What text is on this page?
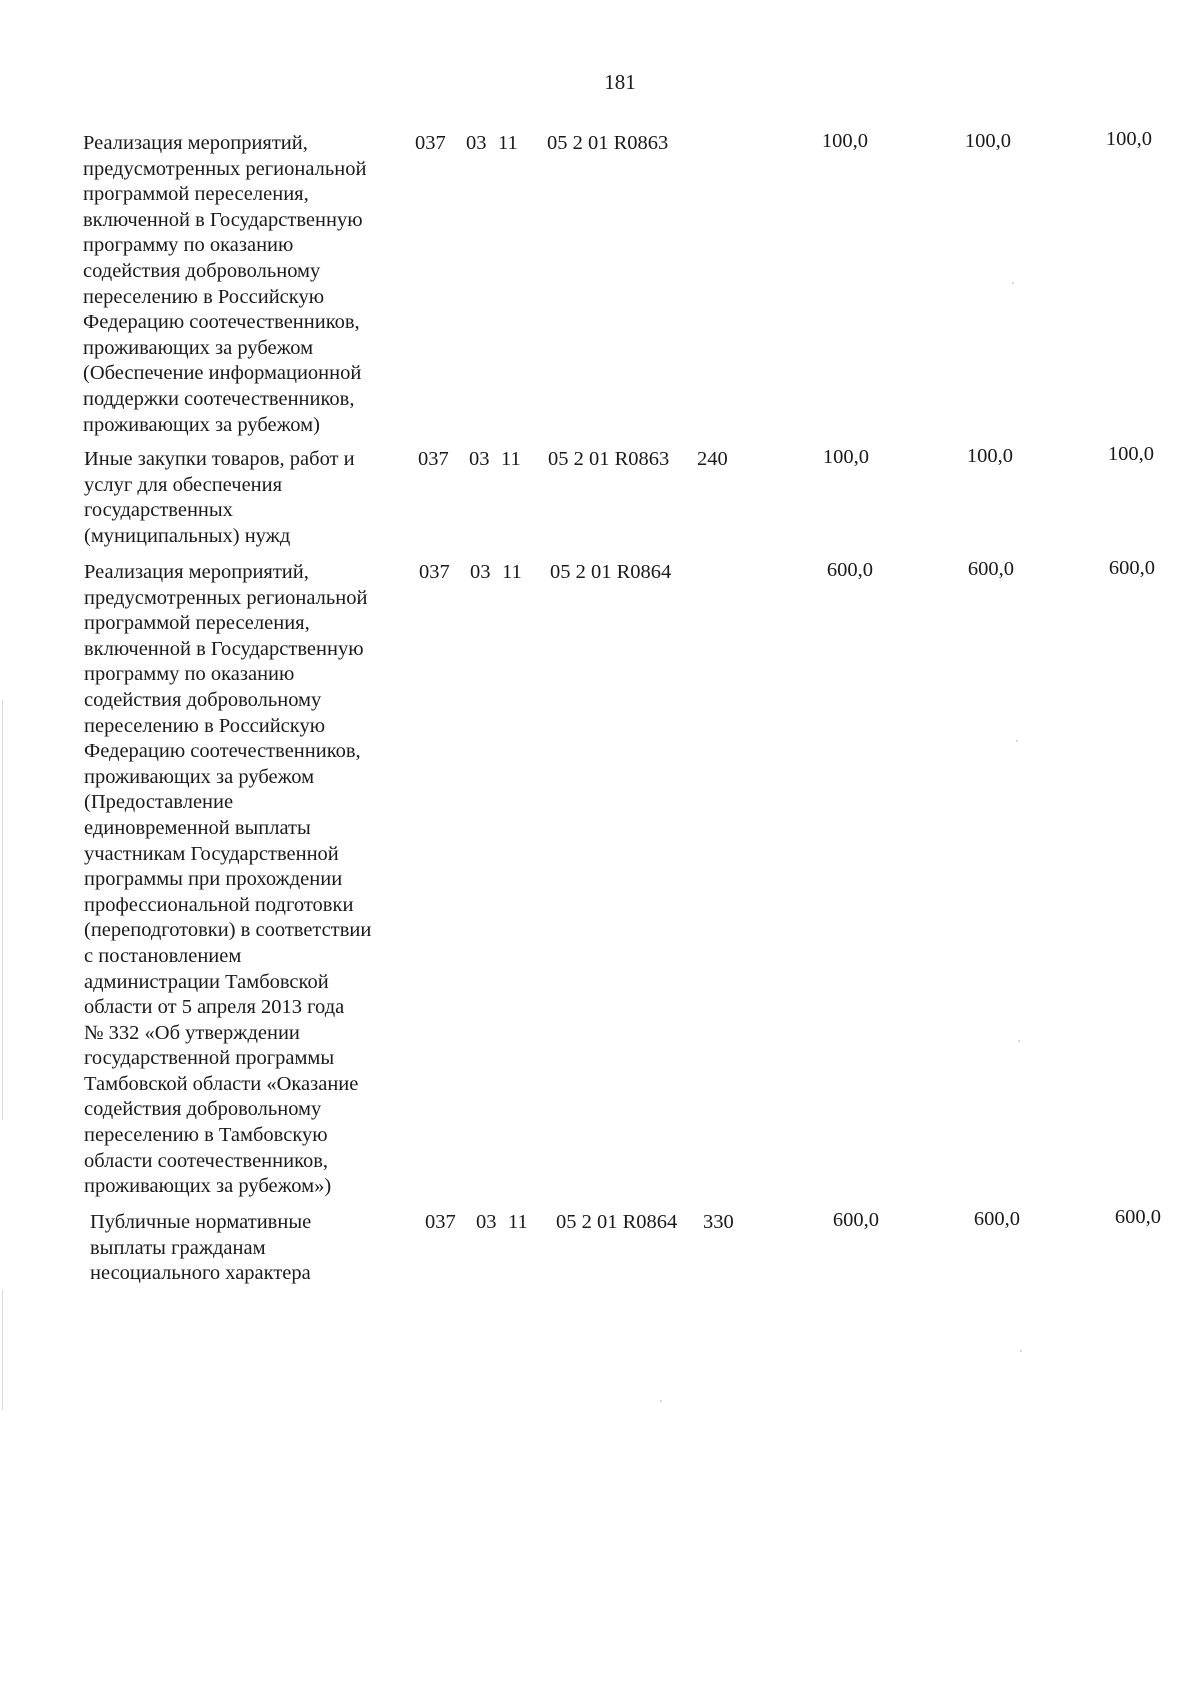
181
Реализация мероприятий,
предусмотренных региональной
программой переселения,
включенной в Государственную
программу по оказанию
содействия добровольному
переселению в Российскую
Федерацию соотечественников,
проживающих за рубежом
(Обеспечение информационной
поддержки соотечественников,
проживающих за рубежом)
037 03 11 05 2 01 R0863	100,0	100,0	100,0
Иные закупки товаров, работ и
услуг для обеспечения
государственных
(муниципальных) нужд
037 03 11 05 2 01 R0863 240	100,0	100,0	100,0
Реализация мероприятий,
предусмотренных региональной
программой переселения,
включенной в Государственную
программу по оказанию
содействия добровольному
переселению в Российскую
Федерацию соотечественников,
проживающих за рубежом
(Предоставление
единовременной выплаты
участникам Государственной
программы при прохождении
профессиональной подготовки
(переподготовки) в соответствии
с постановлением
администрации Тамбовской
области от 5 апреля 2013 года
№ 332 «Об утверждении
государственной программы
Тамбовской области «Оказание
содействия добровольному
переселению в Тамбовскую
области соотечественников,
проживающих за рубежом»)
037 03 11 05 2 01 R0864	600,0	600,0	600,0
Публичные нормативные
выплаты гражданам
несоциального характера
037 03 11 05 2 01 R0864 330	600,0	600,0	600,0
